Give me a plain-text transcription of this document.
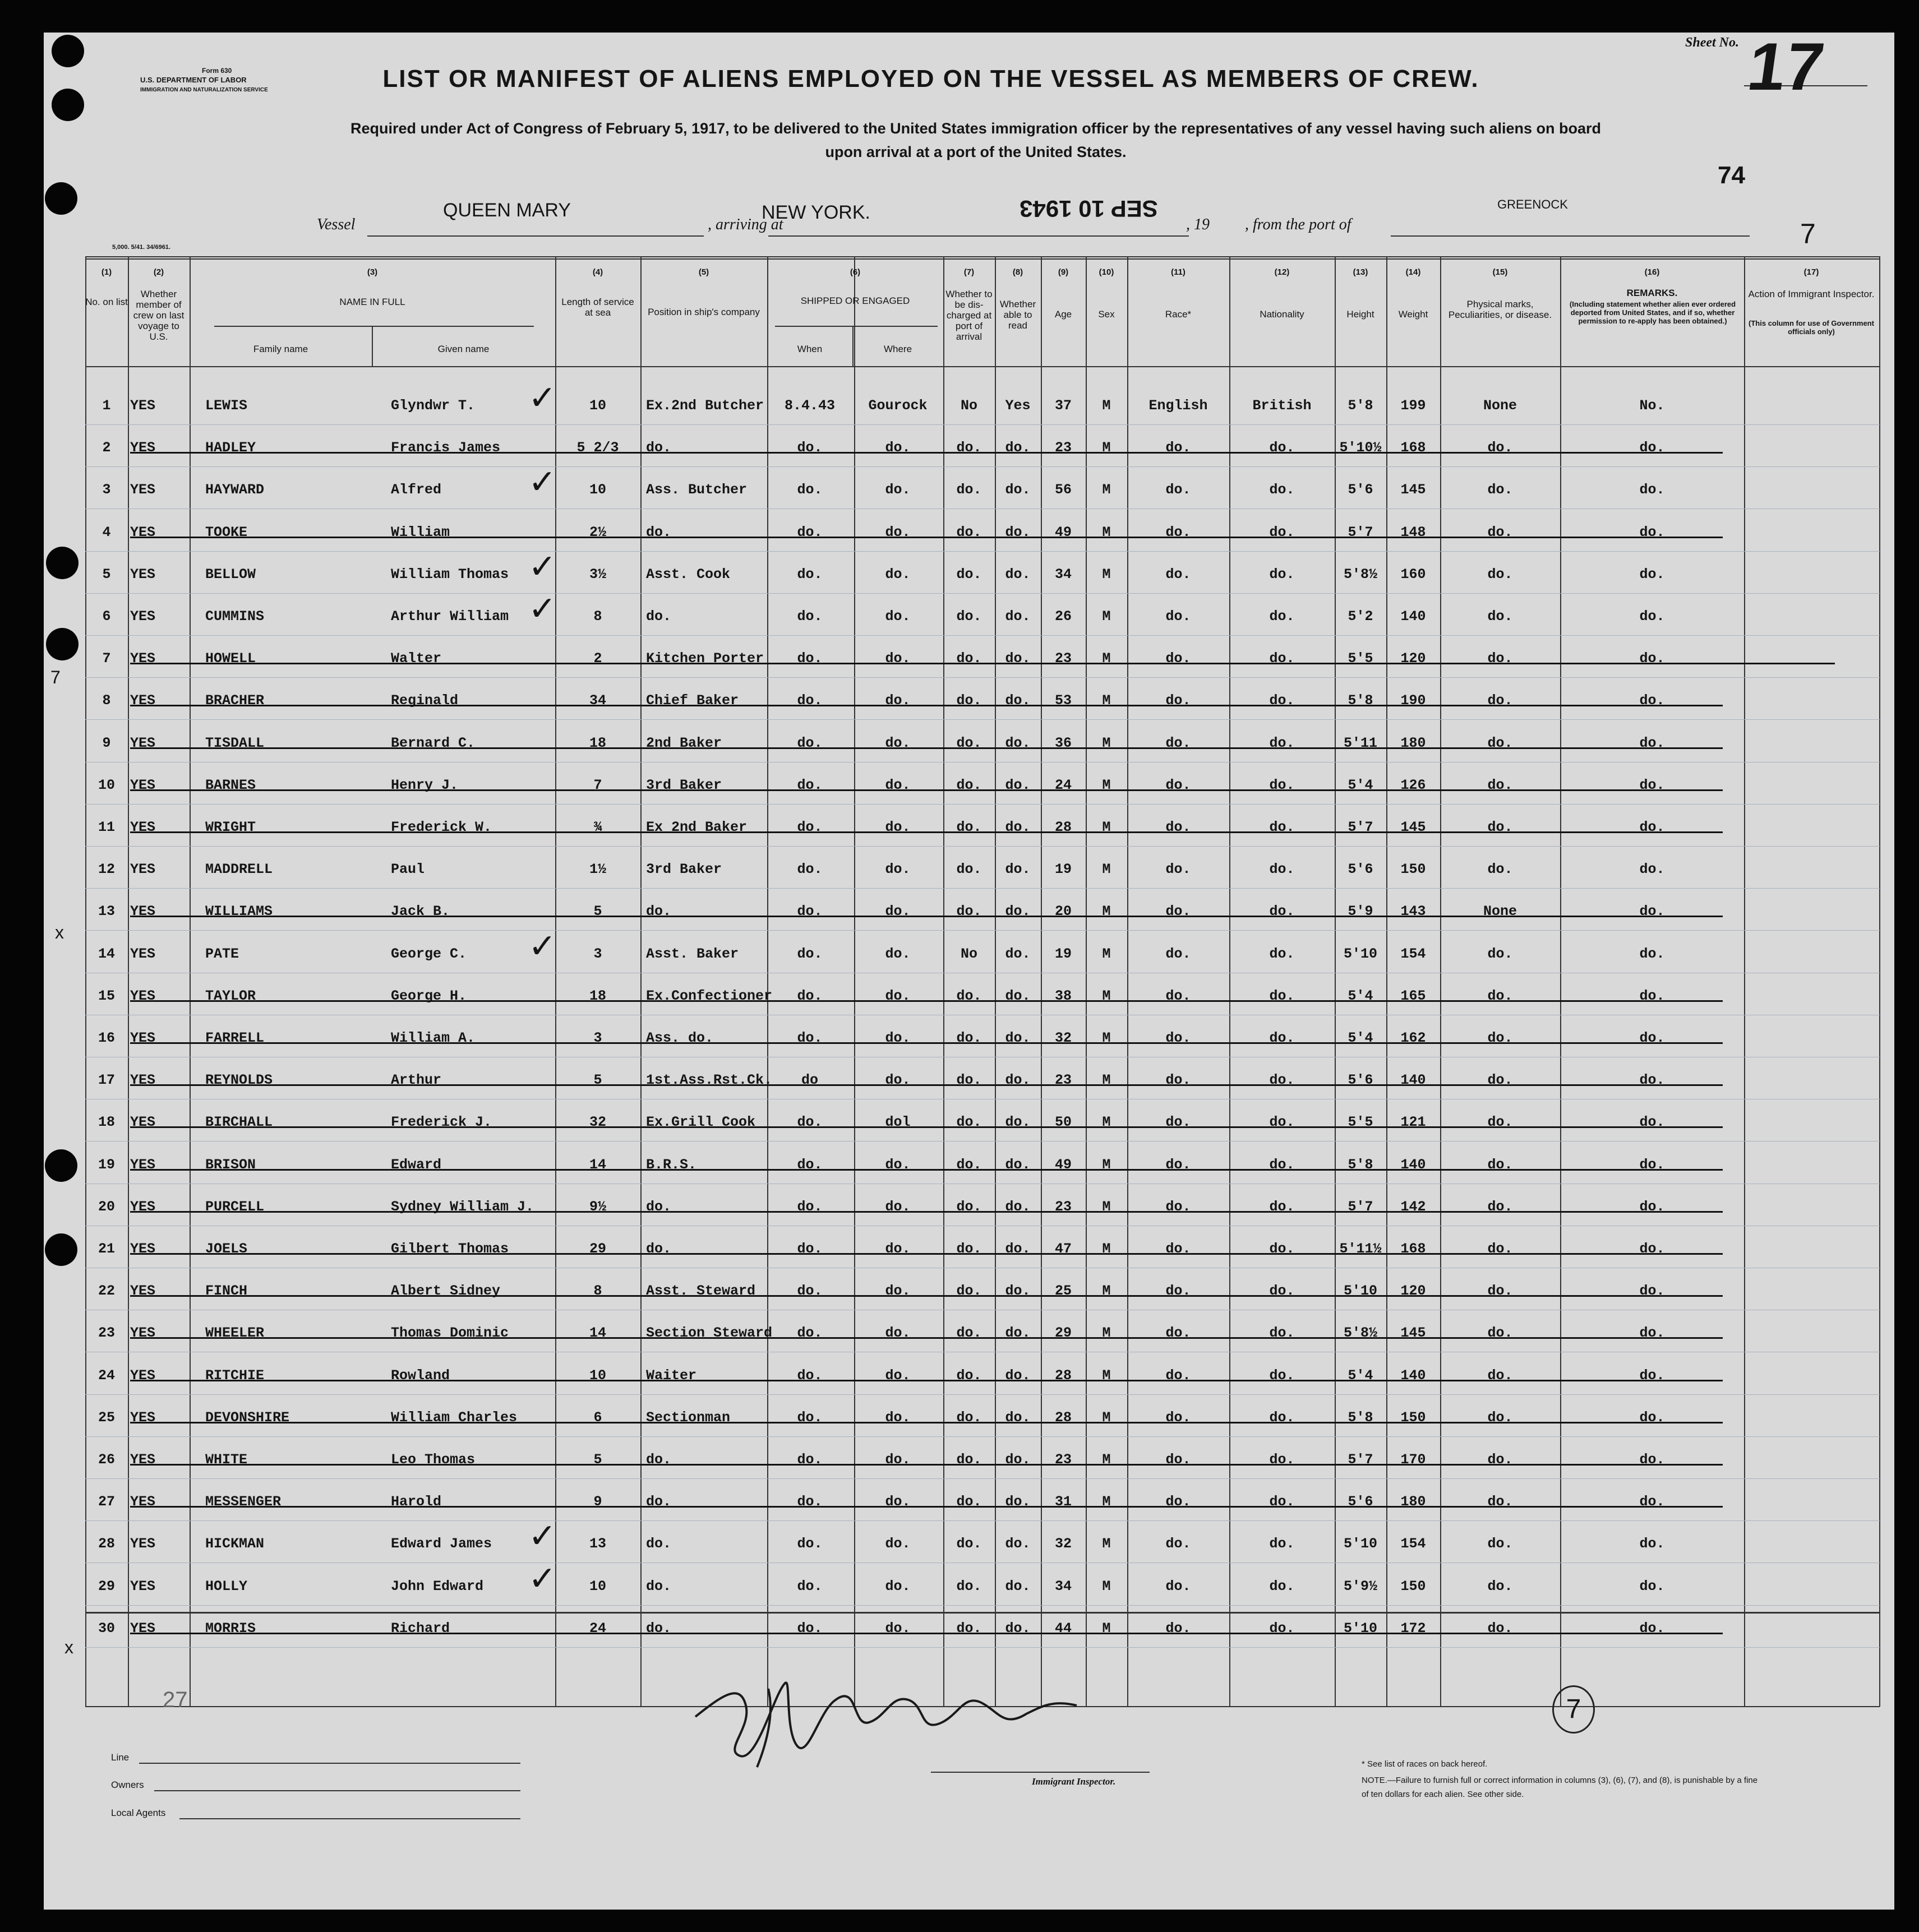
Form 630
U.S. DEPARTMENT OF LABOR
IMMIGRATION AND NATURALIZATION SERVICE
5,000. 5/41. 34/6961.
Sheet No. 17
74
7
LIST OR MANIFEST OF ALIENS EMPLOYED ON THE VESSEL AS MEMBERS OF CREW.
Required under Act of Congress of February 5, 1917, to be delivered to the United States immigration officer by the representatives of any vessel having such aliens on board
upon arrival at a port of the United States.
Vessel
QUEEN MARY
, arriving at
NEW YORK.	SEP 10 1943
, 19 , from the port of
GREENOCK
(1)	(2)	(3)	(4)	(5)	(6)	(7)	(8)	(9)	(10)	(11)	(12)	(13)	(14)	(15)	(16)	(17)
No. on list
Whether member of crew on last voyage to U.S.
NAME IN FULL
Family name	Given name
Length of service at sea	Position in ship's company
SHIPPED OR ENGAGED
When	Where
Whether to be dis-charged at port of arrival
Whether able to read
Age	Sex	Race*	Nationality	Height	Weight
Physical marks, Peculiarities, or disease.
REMARKS.
(Including statement whether alien ever ordered deported from United States, and if so, whether permission to re-apply has been obtained.)
Action of Immigrant Inspector.
(This column for use of Government officials only)
1	YES	LEWIS	Glyndwr T.	10	Ex.2nd Butcher	8.4.43	Gourock	No	Yes	37	M	English	British	5'8	199	None	No.
✓
2	YES	HADLEY	Francis James	5 2/3	do.	do.	do.	do.	do.	23	M	do.	do.	5'10½	168	do.	do.
3	YES	HAYWARD	Alfred	10	Ass. Butcher	do.	do.	do.	do.	56	M	do.	do.	5'6	145	do.	do.
✓
4	YES	TOOKE	William	2½	do.	do.	do.	do.	do.	49	M	do.	do.	5'7	148	do.	do.
5	YES	BELLOW	William Thomas	3½	Asst. Cook	do.	do.	do.	do.	34	M	do.	do.	5'8½	160	do.	do.
✓
6	YES	CUMMINS	Arthur William	8	do.	do.	do.	do.	do.	26	M	do.	do.	5'2	140	do.	do.
✓
7	YES	HOWELL	Walter	2	Kitchen Porter	do.	do.	do.	do.	23	M	do.	do.	5'5	120	do.	do.
8	YES	BRACHER	Reginald	34	Chief Baker	do.	do.	do.	do.	53	M	do.	do.	5'8	190	do.	do.
9	YES	TISDALL	Bernard C.	18	2nd Baker	do.	do.	do.	do.	36	M	do.	do.	5'11	180	do.	do.
10	YES	BARNES	Henry J.	7	3rd Baker	do.	do.	do.	do.	24	M	do.	do.	5'4	126	do.	do.
11	YES	WRIGHT	Frederick W.	¾	Ex 2nd Baker	do.	do.	do.	do.	28	M	do.	do.	5'7	145	do.	do.
12	YES	MADDRELL	Paul	1½	3rd Baker	do.	do.	do.	do.	19	M	do.	do.	5'6	150	do.	do.
13	YES	WILLIAMS	Jack B.	5	do.	do.	do.	do.	do.	20	M	do.	do.	5'9	143	None	do.
14	YES	PATE	George C.	3	Asst. Baker	do.	do.	No	do.	19	M	do.	do.	5'10	154	do.	do.
✓
15	YES	TAYLOR	George H.	18	Ex.Confectioner	do.	do.	do.	do.	38	M	do.	do.	5'4	165	do.	do.
16	YES	FARRELL	William A.	3	Ass. do.	do.	do.	do.	do.	32	M	do.	do.	5'4	162	do.	do.
17	YES	REYNOLDS	Arthur	5	1st.Ass.Rst.Ck.	do	do.	do.	do.	23	M	do.	do.	5'6	140	do.	do.
18	YES	BIRCHALL	Frederick J.	32	Ex.Grill Cook	do.	dol	do.	do.	50	M	do.	do.	5'5	121	do.	do.
19	YES	BRISON	Edward	14	B.R.S.	do.	do.	do.	do.	49	M	do.	do.	5'8	140	do.	do.
20	YES	PURCELL	Sydney William J.	9½	do.	do.	do.	do.	do.	23	M	do.	do.	5'7	142	do.	do.
21	YES	JOELS	Gilbert Thomas	29	do.	do.	do.	do.	do.	47	M	do.	do.	5'11½	168	do.	do.
22	YES	FINCH	Albert Sidney	8	Asst. Steward	do.	do.	do.	do.	25	M	do.	do.	5'10	120	do.	do.
23	YES	WHEELER	Thomas Dominic	14	Section Steward	do.	do.	do.	do.	29	M	do.	do.	5'8½	145	do.	do.
24	YES	RITCHIE	Rowland	10	Waiter	do.	do.	do.	do.	28	M	do.	do.	5'4	140	do.	do.
25	YES	DEVONSHIRE	William Charles	6	Sectionman	do.	do.	do.	do.	28	M	do.	do.	5'8	150	do.	do.
26	YES	WHITE	Leo Thomas	5	do.	do.	do.	do.	do.	23	M	do.	do.	5'7	170	do.	do.
27	YES	MESSENGER	Harold	9	do.	do.	do.	do.	do.	31	M	do.	do.	5'6	180	do.	do.
28	YES	HICKMAN	Edward James	13	do.	do.	do.	do.	do.	32	M	do.	do.	5'10	154	do.	do.
✓
29	YES	HOLLY	John Edward	10	do.	do.	do.	do.	do.	34	M	do.	do.	5'9½	150	do.	do.
✓
30	YES	MORRIS	Richard	24	do.	do.	do.	do.	do.	44	M	do.	do.	5'10	172	do.	do.
7
x
x
27
Line
Owners
Local Agents
Immigrant Inspector.
7
* See list of races on back hereof.
NOTE.—Failure to furnish full or correct information in columns (3), (6), (7), and (8), is punishable by a fine of ten dollars for each alien. See other side.
